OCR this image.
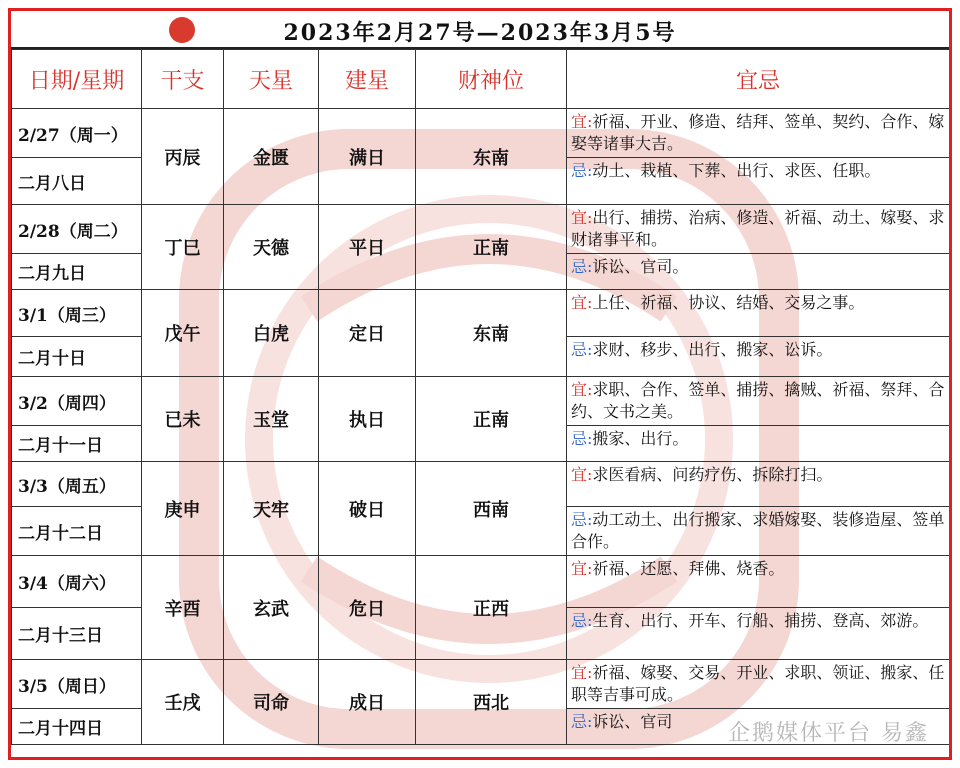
2023年2月27号—2023年3月5号
日期/星期	干支	天星	建星	财神位	宜忌
2/27（周一）	丙辰	金匮	满日	东南	宜:祈福、开业、修造、结拜、签单、契约、合作、嫁娶等诸事大吉。
二月八日					忌:动土、栽植、下葬、出行、求医、任职。
2/28（周二）	丁巳	天德	平日	正南	宜:出行、捕捞、治病、修造、祈福、动土、嫁娶、求财诸事平和。
二月九日					忌:诉讼、官司。
3/1（周三）	戊午	白虎	定日	东南	宜:上任、祈福、协议、结婚、交易之事。
二月十日					忌:求财、移步、出行、搬家、讼诉。
3/2（周四）	已未	玉堂	执日	正南	宜:求职、合作、签单、捕捞、擒贼、祈福、祭拜、合约、文书之美。
二月十一日					忌:搬家、出行。
3/3（周五）	庚申	天牢	破日	西南	宜:求医看病、问药疗伤、拆除打扫。
二月十二日					忌:动工动土、出行搬家、求婚嫁娶、装修造屋、签单合作。
3/4（周六）	辛酉	玄武	危日	正西	宜:祈福、还愿、拜佛、烧香。
二月十三日					忌:生育、出行、开车、行船、捕捞、登高、郊游。
3/5（周日）	壬戌	司命	成日	西北	宜:祈福、嫁娶、交易、开业、求职、领证、搬家、任职等吉事可成。
二月十四日					忌:诉讼、官司	企鹅媒体平台 易鑫
